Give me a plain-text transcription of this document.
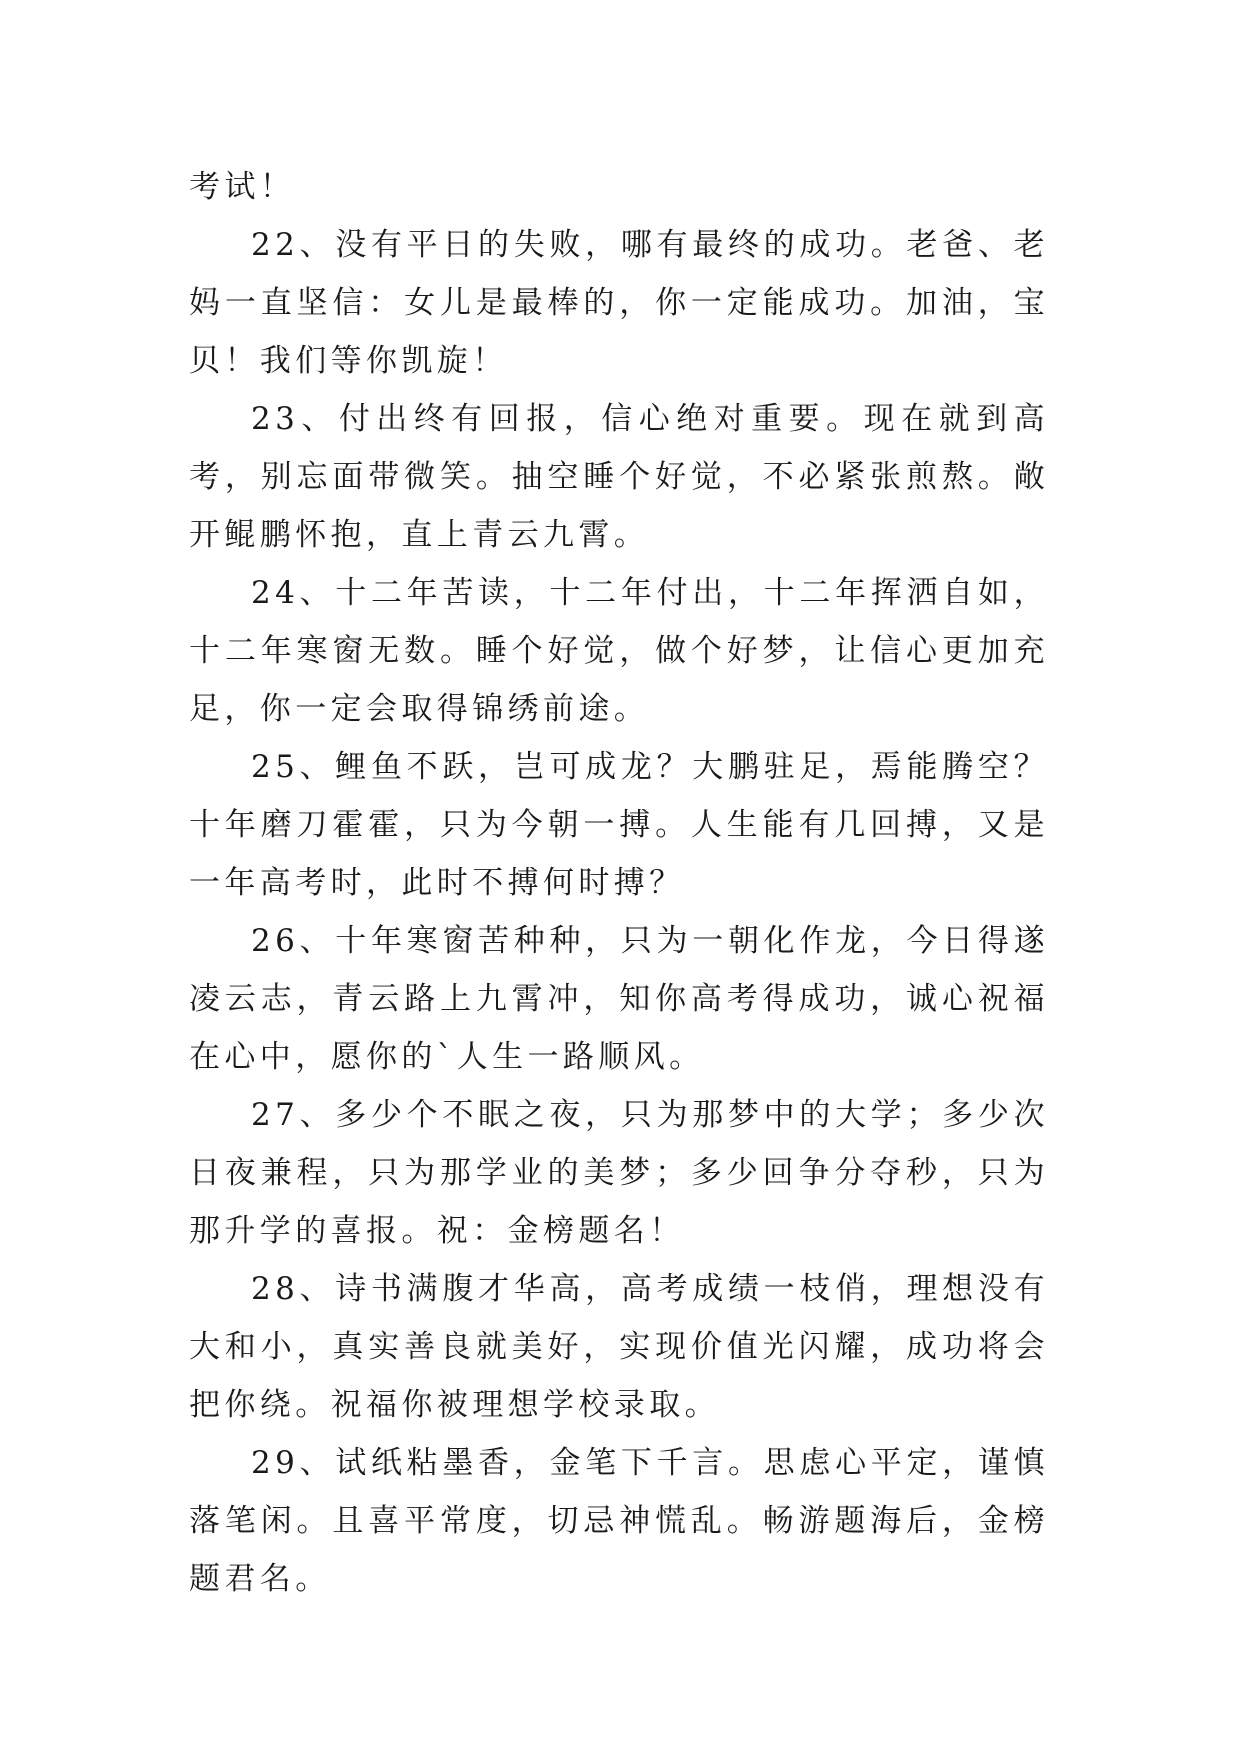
考试！

22、没有平日的失败，哪有最终的成功。老爸、老妈一直坚信：女儿是最棒的，你一定能成功。加油，宝贝！我们等你凯旋！

23、付出终有回报，信心绝对重要。现在就到高考，别忘面带微笑。抽空睡个好觉，不必紧张煎熬。敞开鲲鹏怀抱，直上青云九霄。

24、十二年苦读，十二年付出，十二年挥洒自如，十二年寒窗无数。睡个好觉，做个好梦，让信心更加充足，你一定会取得锦绣前途。

25、鲤鱼不跃，岂可成龙？大鹏驻足，焉能腾空？十年磨刀霍霍，只为今朝一搏。人生能有几回搏，又是一年高考时，此时不搏何时搏？

26、十年寒窗苦种种，只为一朝化作龙，今日得遂凌云志，青云路上九霄冲，知你高考得成功，诚心祝福在心中，愿你的`人生一路顺风。

27、多少个不眠之夜，只为那梦中的大学；多少次日夜兼程，只为那学业的美梦；多少回争分夺秒，只为那升学的喜报。祝：金榜题名！

28、诗书满腹才华高，高考成绩一枝俏，理想没有大和小，真实善良就美好，实现价值光闪耀，成功将会把你绕。祝福你被理想学校录取。

29、试纸粘墨香，金笔下千言。思虑心平定，谨慎落笔闲。且喜平常度，切忌神慌乱。畅游题海后，金榜题君名。
